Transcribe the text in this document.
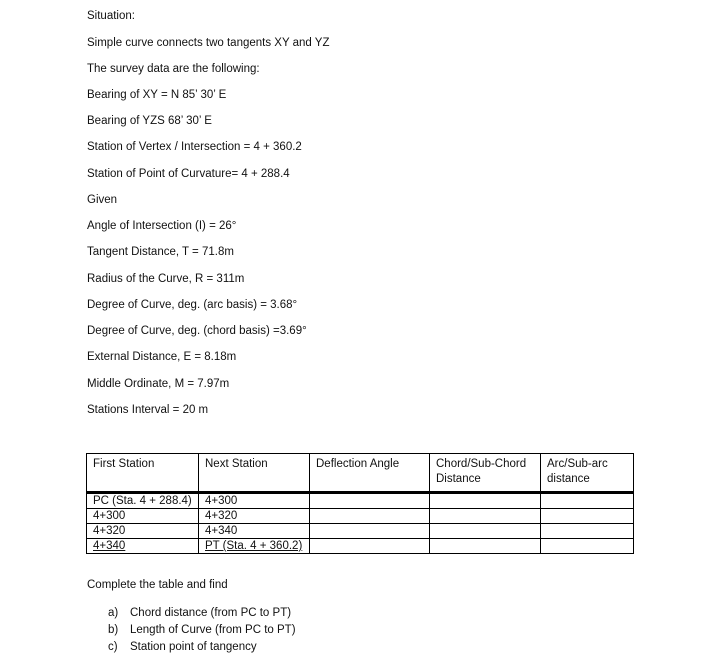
Situation:
Simple curve connects two tangents XY and YZ
The survey data are the following:
Bearing of XY = N 85’ 30’ E
Bearing of YZS 68’ 30’ E
Station of Vertex / Intersection = 4 + 360.2
Station of Point of Curvature= 4 + 288.4
Given
Angle of Intersection (I) = 26°
Tangent Distance, T = 71.8m
Radius of the Curve, R = 311m
Degree of Curve, deg. (arc basis) = 3.68°
Degree of Curve, deg. (chord basis) =3.69°
External Distance, E = 8.18m
Middle Ordinate, M = 7.97m
Stations Interval = 20 m
First Station	Next Station	Deflection Angle	Chord/Sub-Chord Distance	Arc/Sub-arc distance
PC (Sta. 4 + 288.4)	4+300			
4+300	4+320			
4+320	4+340			
4+340	PT (Sta. 4 + 360.2)			
Complete the table and find
a)	Chord distance (from PC to PT)
b)	Length of Curve (from PC to PT)
c)	Station point of tangency
